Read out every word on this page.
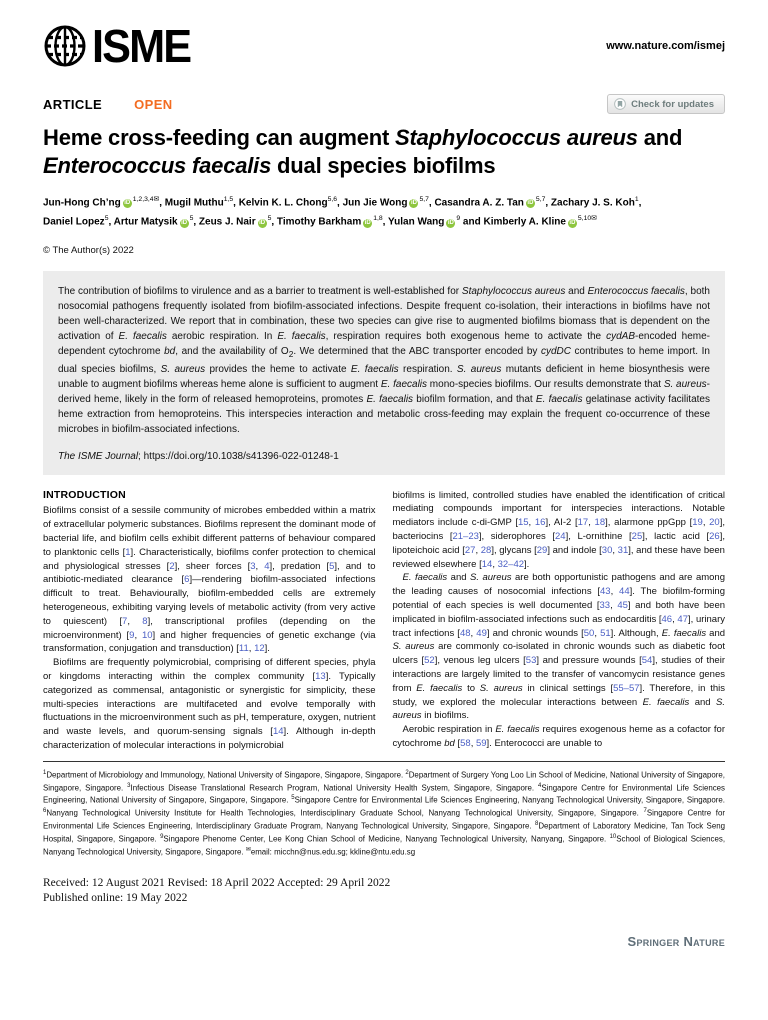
ISME	www.nature.com/ismej
ARTICLE OPEN	Check for updates
Heme cross-feeding can augment Staphylococcus aureus and Enterococcus faecalis dual species biofilms

Jun-Hong Ch’ng $iD^{1,2,3,4✉}$, Mugil Muthu$^{1,5}$, Kelvin K. L. Chong$^{5,6}$, Jun Jie Wong iD$^{5,7}$, Casandra A. Z. Tan iD$^{5,7}$, Zachary J. S. Koh$^1$,
Daniel Lopez$^5$, Artur Matysik $iD^5$, Zeus J. Nair $iD^5$, Timothy Barkham iD$^{1,8}$, Yulan Wang $iD^9$ and Kimberly A. Kline $iD^{5,10✉}$

© The Author(s) 2022

The contribution of biofilms to virulence and as a barrier to treatment is well-established for Staphylococcus aureus and Enterococcus faecalis, both nosocomial pathogens frequently isolated from biofilm-associated infections. Despite frequent co-isolation, their interactions in biofilms have not been well-characterized. We report that in combination, these two species can give rise to augmented biofilms biomass that is dependent on the activation of E. faecalis aerobic respiration. In E. faecalis, respiration requires both exogenous heme to activate the cydAB-encoded heme-dependent cytochrome bd, and the availability of $O_2$. We determined that the ABC transporter encoded by cydDC contributes to heme import. In dual species biofilms, S. aureus provides the heme to activate E. faecalis respiration. S. aureus mutants deficient in heme biosynthesis were unable to augment biofilms whereas heme alone is sufficient to augment E. faecalis mono-species biofilms. Our results demonstrate that S. aureus-derived heme, likely in the form of released hemoproteins, promotes E. faecalis biofilm formation, and that E. faecalis gelatinase activity facilitates heme extraction from hemoproteins. This interspecies interaction and metabolic cross-feeding may explain the frequent co-occurrence of these microbes in biofilm-associated infections.

The ISME Journal; https://doi.org/10.1038/s41396-022-01248-1

INTRODUCTION

Biofilms consist of a sessile community of microbes embedded within a matrix of extracellular polymeric substances. Biofilms represent the dominant mode of bacterial life, and biofilm cells exhibit different patterns of behaviour compared to planktonic cells [1]. Characteristically, biofilms confer protection to chemical and physiological stresses [2], sheer forces [3, 4], predation [5], and to antibiotic-mediated clearance [6]—rendering biofilm-associated infections difficult to treat. Behaviourally, biofilm-embedded cells are extremely heterogeneous, exhibiting varying levels of metabolic activity (from very active to quiescent) [7, 8], transcriptional profiles (depending on the microenvironment) [9, 10] and higher frequencies of genetic exchange (via transformation, conjugation and transduction) [11, 12].

Biofilms are frequently polymicrobial, comprising of different species, phyla or kingdoms interacting within the complex community [13]. Typically categorized as commensal, antagonistic or synergistic for simplicity, these multi-species interactions are multifaceted and evolve temporally with fluctuations in the microenvironment such as pH, temperature, oxygen, nutrient and waste levels, and quorum-sensing signals [14]. Although in-depth characterization of molecular interactions in polymicrobial

biofilms is limited, controlled studies have enabled the identification of critical mediating compounds important for interspecies interactions. Notable mediators include c-di-GMP [15, 16], AI-2 [17, 18], alarmone ppGpp [19, 20], bacteriocins [21–23], siderophores [24], L-ornithine [25], lactic acid [26], lipoteichoic acid [27, 28], glycans [29] and indole [30, 31], and these have been reviewed elsewhere [14, 32–42].

E. faecalis and S. aureus are both opportunistic pathogens and are among the leading causes of nosocomial infections [43, 44]. The biofilm-forming potential of each species is well documented [33, 45] and both have been implicated in biofilm-associated infections such as endocarditis [46, 47], urinary tract infections [48, 49] and chronic wounds [50, 51]. Although, E. faecalis and S. aureus are commonly co-isolated in chronic wounds such as diabetic foot ulcers [52], venous leg ulcers [53] and pressure wounds [54], studies of their interactions are largely limited to the transfer of vancomycin resistance genes from E. faecalis to S. aureus in clinical settings [55–57]. Therefore, in this study, we explored the molecular interactions between E. faecalis and S. aureus in biofilms.

Aerobic respiration in E. faecalis requires exogenous heme as a cofactor for cytochrome bd [58, 59]. Enterococci are unable to

$^1$Department of Microbiology and Immunology, National University of Singapore, Singapore, Singapore. $^2$Department of Surgery Yong Loo Lin School of Medicine, National University of Singapore, Singapore, Singapore. $^3$Infectious Disease Translational Research Program, National University Health System, Singapore, Singapore. $^4$Singapore Centre for Environmental Life Sciences Engineering, National University of Singapore, Singapore, Singapore. $^5$Singapore Centre for Environmental Life Sciences Engineering, Nanyang Technological University, Singapore, Singapore. $^6$Nanyang Technological University Institute for Health Technologies, Interdisciplinary Graduate School, Nanyang Technological University, Singapore, Singapore. $^7$Singapore Centre for Environmental Life Sciences Engineering, Interdisciplinary Graduate Program, Nanyang Technological University, Singapore, Singapore. $^8$Department of Laboratory Medicine, Tan Tock Seng Hospital, Singapore, Singapore. $^9$Singapore Phenome Center, Lee Kong Chian School of Medicine, Nanyang Technological University, Nanyang, Singapore. $^{10}$School of Biological Sciences, Nanyang Technological University, Singapore, Singapore. ✉email: micchn@nus.edu.sg; kkline@ntu.edu.sg
Received: 12 August 2021 Revised: 18 April 2022 Accepted: 29 April 2022
Published online: 19 May 2022
Springer Nature
